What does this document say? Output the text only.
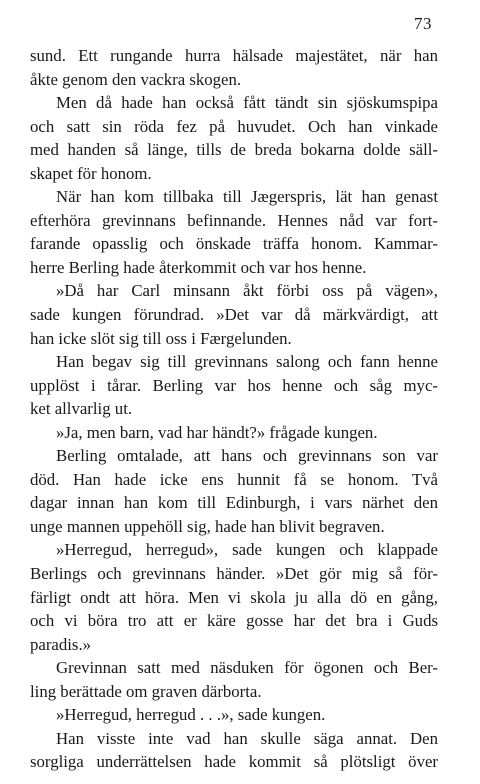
73
sund. Ett rungande hurra hälsade majestätet, när han
åkte genom den vackra skogen.
Men då hade han också fått tändt sin sjöskumspipa
och satt sin röda fez på huvudet. Och han vinkade
med handen så länge, tills de breda bokarna dolde säll-
skapet för honom.
När han kom tillbaka till Jægerspris, lät han genast
efterhöra grevinnans befinnande. Hennes nåd var fort-
farande opasslig och önskade träffa honom. Kammar-
herre Berling hade återkommit och var hos henne.
»Då har Carl minsann åkt förbi oss på vägen»,
sade kungen förundrad. »Det var då märkvärdigt, att
han icke slöt sig till oss i Færgelunden.
Han begav sig till grevinnans salong och fann henne
upplöst i tårar. Berling var hos henne och såg myc-
ket allvarlig ut.
»Ja, men barn, vad har händt?» frågade kungen.
Berling omtalade, att hans och grevinnans son var
död. Han hade icke ens hunnit få se honom. Två
dagar innan han kom till Edinburgh, i vars närhet den
unge mannen uppehöll sig, hade han blivit begraven.
»Herregud, herregud», sade kungen och klappade
Berlings och grevinnans händer. »Det gör mig så för-
färligt ondt att höra. Men vi skola ju alla dö en gång,
och vi böra tro att er käre gosse har det bra i Guds
paradis.»
Grevinnan satt med näsduken för ögonen och Ber-
ling berättade om graven därborta.
»Herregud, herregud . . .», sade kungen.
Han visste inte vad han skulle säga annat. Den
sorgliga underrättelsen hade kommit så plötsligt över
